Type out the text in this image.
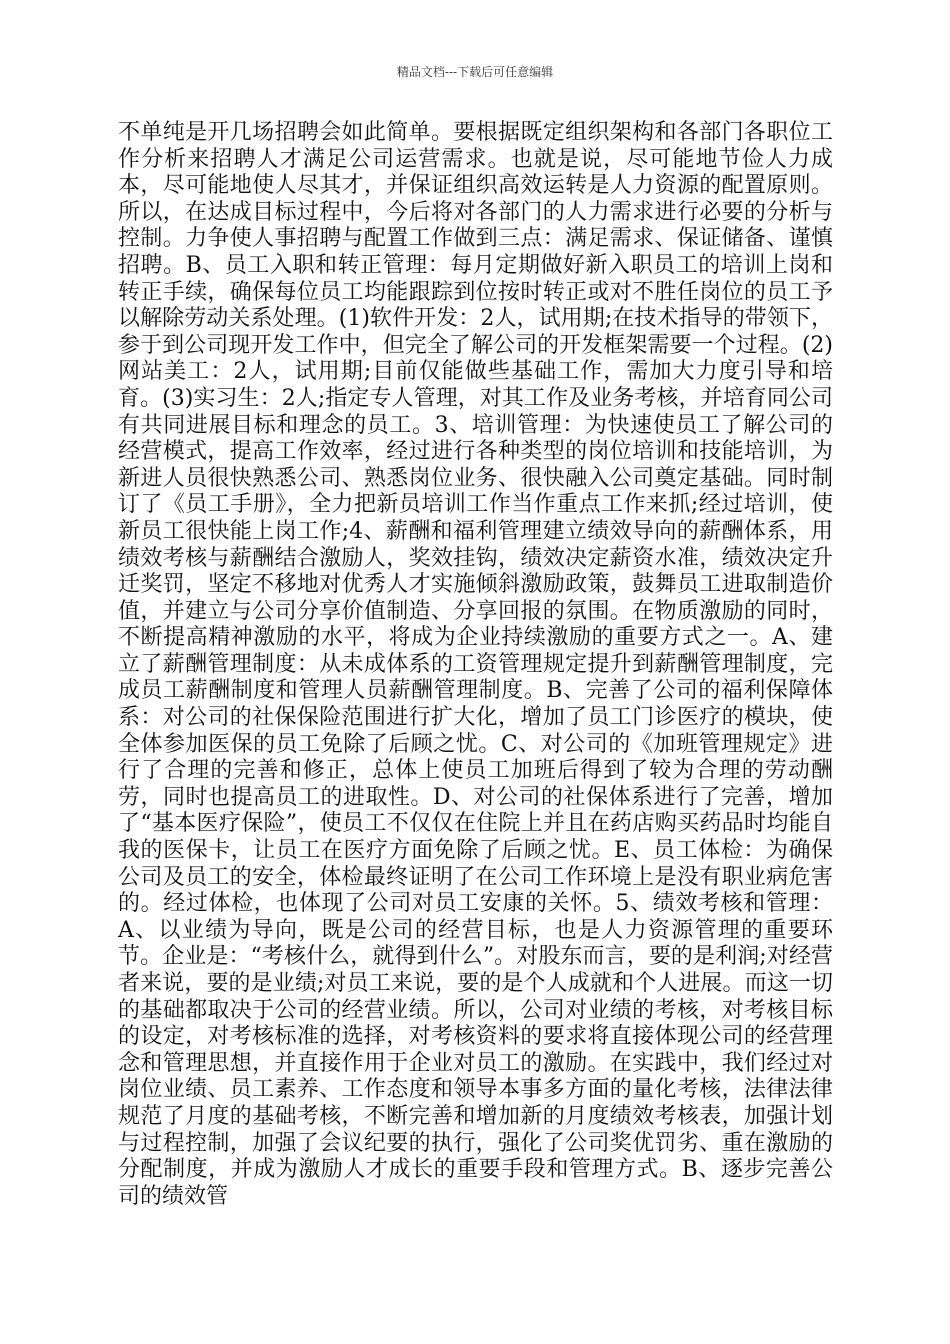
精品文档---下载后可任意编辑

不单纯是开几场招聘会如此简单。要根据既定组织架构和各部门各职位工作分析来招聘人才满足公司运营需求。也就是说，尽可能地节俭人力成本，尽可能地使人尽其才，并保证组织高效运转是人力资源的配置原则。所以，在达成目标过程中，今后将对各部门的人力需求进行必要的分析与控制。力争使人事招聘与配置工作做到三点：满足需求、保证储备、谨慎招聘。B、员工入职和转正管理：每月定期做好新入职员工的培训上岗和转正手续，确保每位员工均能跟踪到位按时转正或对不胜任岗位的员工予以解除劳动关系处理。(1)软件开发：2人，试用期;在技术指导的带领下，参于到公司现开发工作中，但完全了解公司的开发框架需要一个过程。(2)网站美工：2人，试用期;目前仅能做些基础工作，需加大力度引导和培育。(3)实习生：2人;指定专人管理，对其工作及业务考核，并培育同公司有共同进展目标和理念的员工。3、培训管理：为快速使员工了解公司的经营模式，提高工作效率，经过进行各种类型的岗位培训和技能培训，为新进人员很快熟悉公司、熟悉岗位业务、很快融入公司奠定基础。同时制订了《员工手册》，全力把新员培训工作当作重点工作来抓;经过培训，使新员工很快能上岗工作;4、薪酬和福利管理建立绩效导向的薪酬体系，用绩效考核与薪酬结合激励人，奖效挂钩，绩效决定薪资水准，绩效决定升迁奖罚，坚定不移地对优秀人才实施倾斜激励政策，鼓舞员工进取制造价值，并建立与公司分享价值制造、分享回报的氛围。在物质激励的同时，不断提高精神激励的水平，将成为企业持续激励的重要方式之一。A、建立了薪酬管理制度：从未成体系的工资管理规定提升到薪酬管理制度，完成员工薪酬制度和管理人员薪酬管理制度。B、完善了公司的福利保障体系：对公司的社保保险范围进行扩大化，增加了员工门诊医疗的模块，使全体参加医保的员工免除了后顾之忧。C、对公司的《加班管理规定》进行了合理的完善和修正，总体上使员工加班后得到了较为合理的劳动酬劳，同时也提高员工的进取性。D、对公司的社保体系进行了完善，增加了“基本医疗保险”，使员工不仅仅在住院上并且在药店购买药品时均能自我的医保卡，让员工在医疗方面免除了后顾之忧。E、员工体检：为确保公司及员工的安全，体检最终证明了在公司工作环境上是没有职业病危害的。经过体检，也体现了公司对员工安康的关怀。5、绩效考核和管理：A、以业绩为导向，既是公司的经营目标，也是人力资源管理的重要环节。企业是：“考核什么，就得到什么”。对股东而言，要的是利润;对经营者来说，要的是业绩;对员工来说，要的是个人成就和个人进展。而这一切的基础都取决于公司的经营业绩。所以，公司对业绩的考核，对考核目标的设定，对考核标准的选择，对考核资料的要求将直接体现公司的经营理念和管理思想，并直接作用于企业对员工的激励。在实践中，我们经过对岗位业绩、员工素养、工作态度和领导本事多方面的量化考核，法律法律规范了月度的基础考核，不断完善和增加新的月度绩效考核表，加强计划与过程控制，加强了会议纪要的执行，强化了公司奖优罚劣、重在激励的分配制度，并成为激励人才成长的重要手段和管理方式。B、逐步完善公司的绩效管
